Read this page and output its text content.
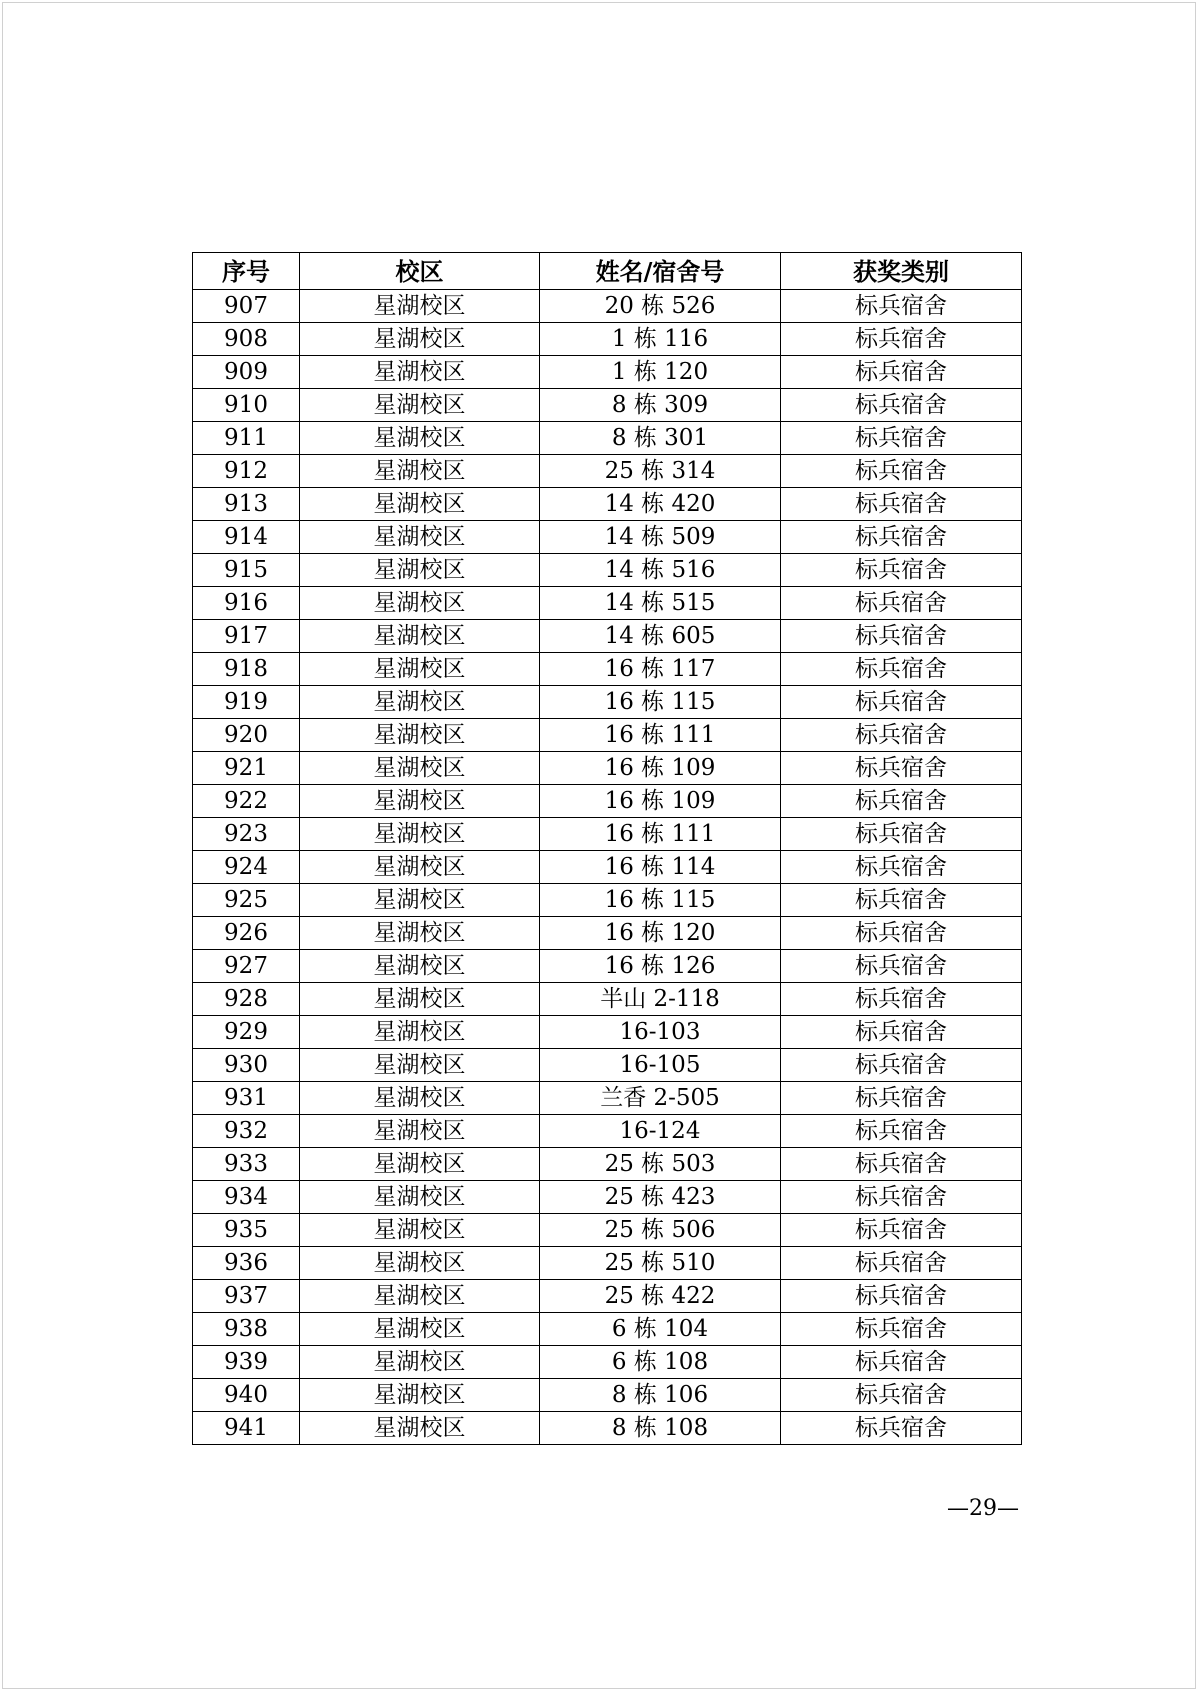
序号	校区	姓名/宿舍号	获奖类别
907	星湖校区	20 栋 526	标兵宿舍
908	星湖校区	1 栋 116	标兵宿舍
909	星湖校区	1 栋 120	标兵宿舍
910	星湖校区	8 栋 309	标兵宿舍
911	星湖校区	8 栋 301	标兵宿舍
912	星湖校区	25 栋 314	标兵宿舍
913	星湖校区	14 栋 420	标兵宿舍
914	星湖校区	14 栋 509	标兵宿舍
915	星湖校区	14 栋 516	标兵宿舍
916	星湖校区	14 栋 515	标兵宿舍
917	星湖校区	14 栋 605	标兵宿舍
918	星湖校区	16 栋 117	标兵宿舍
919	星湖校区	16 栋 115	标兵宿舍
920	星湖校区	16 栋 111	标兵宿舍
921	星湖校区	16 栋 109	标兵宿舍
922	星湖校区	16 栋 109	标兵宿舍
923	星湖校区	16 栋 111	标兵宿舍
924	星湖校区	16 栋 114	标兵宿舍
925	星湖校区	16 栋 115	标兵宿舍
926	星湖校区	16 栋 120	标兵宿舍
927	星湖校区	16 栋 126	标兵宿舍
928	星湖校区	半山 2-118	标兵宿舍
929	星湖校区	16-103	标兵宿舍
930	星湖校区	16-105	标兵宿舍
931	星湖校区	兰香 2-505	标兵宿舍
932	星湖校区	16-124	标兵宿舍
933	星湖校区	25 栋 503	标兵宿舍
934	星湖校区	25 栋 423	标兵宿舍
935	星湖校区	25 栋 506	标兵宿舍
936	星湖校区	25 栋 510	标兵宿舍
937	星湖校区	25 栋 422	标兵宿舍
938	星湖校区	6 栋 104	标兵宿舍
939	星湖校区	6 栋 108	标兵宿舍
940	星湖校区	8 栋 106	标兵宿舍
941	星湖校区	8 栋 108	标兵宿舍
—29—
